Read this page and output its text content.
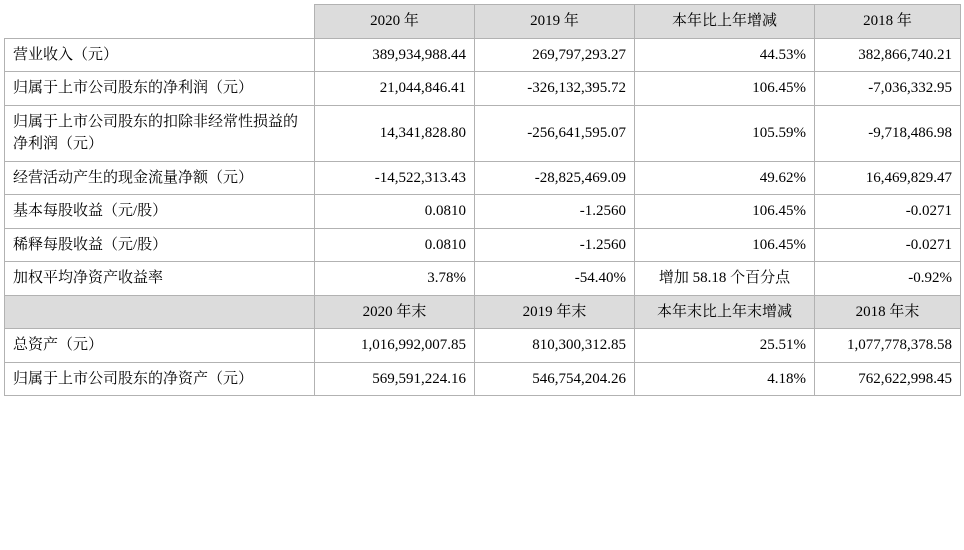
	2020 年	2019 年	本年比上年增减	2018 年
营业收入（元）	389,934,988.44	269,797,293.27	44.53%	382,866,740.21
归属于上市公司股东的净利润（元）	21,044,846.41	-326,132,395.72	106.45%	-7,036,332.95
归属于上市公司股东的扣除非经常性损益的净利润（元）	14,341,828.80	-256,641,595.07	105.59%	-9,718,486.98
经营活动产生的现金流量净额（元）	-14,522,313.43	-28,825,469.09	49.62%	16,469,829.47
基本每股收益（元/股）	0.0810	-1.2560	106.45%	-0.0271
稀释每股收益（元/股）	0.0810	-1.2560	106.45%	-0.0271
加权平均净资产收益率	3.78%	-54.40%	增加 58.18 个百分点	-0.92%
	2020 年末	2019 年末	本年末比上年末增减	2018 年末
总资产（元）	1,016,992,007.85	810,300,312.85	25.51%	1,077,778,378.58
归属于上市公司股东的净资产（元）	569,591,224.16	546,754,204.26	4.18%	762,622,998.45
